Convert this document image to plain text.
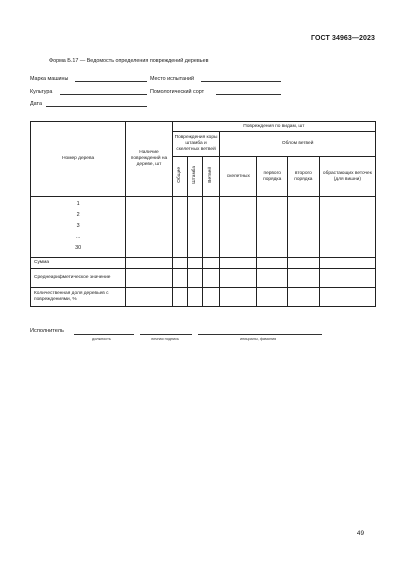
ГОСТ 34963—2023
Форма Б.17 — Ведомость определения повреждений деревьев
Марка машины	Место испытаний
Культура	Помологический сорт
Дата
Номер дерева	Наличие повреждений на дереве, шт	Повреждения по видам, шт						
		Повреждения коры штамба и скелетных ветвей			Облом ветвей			
		Общие	Штамба	Ветвей	скелетных	первого порядка	второго порядка	обрастающих веточек (для вишни)

1
2
3
...
30								

Сумма								
Среднеарифметическое значение								
Количественная доля деревьев с повреждениями, %								
Исполнитель
должность	личная подпись	инициалы, фамилия
49
